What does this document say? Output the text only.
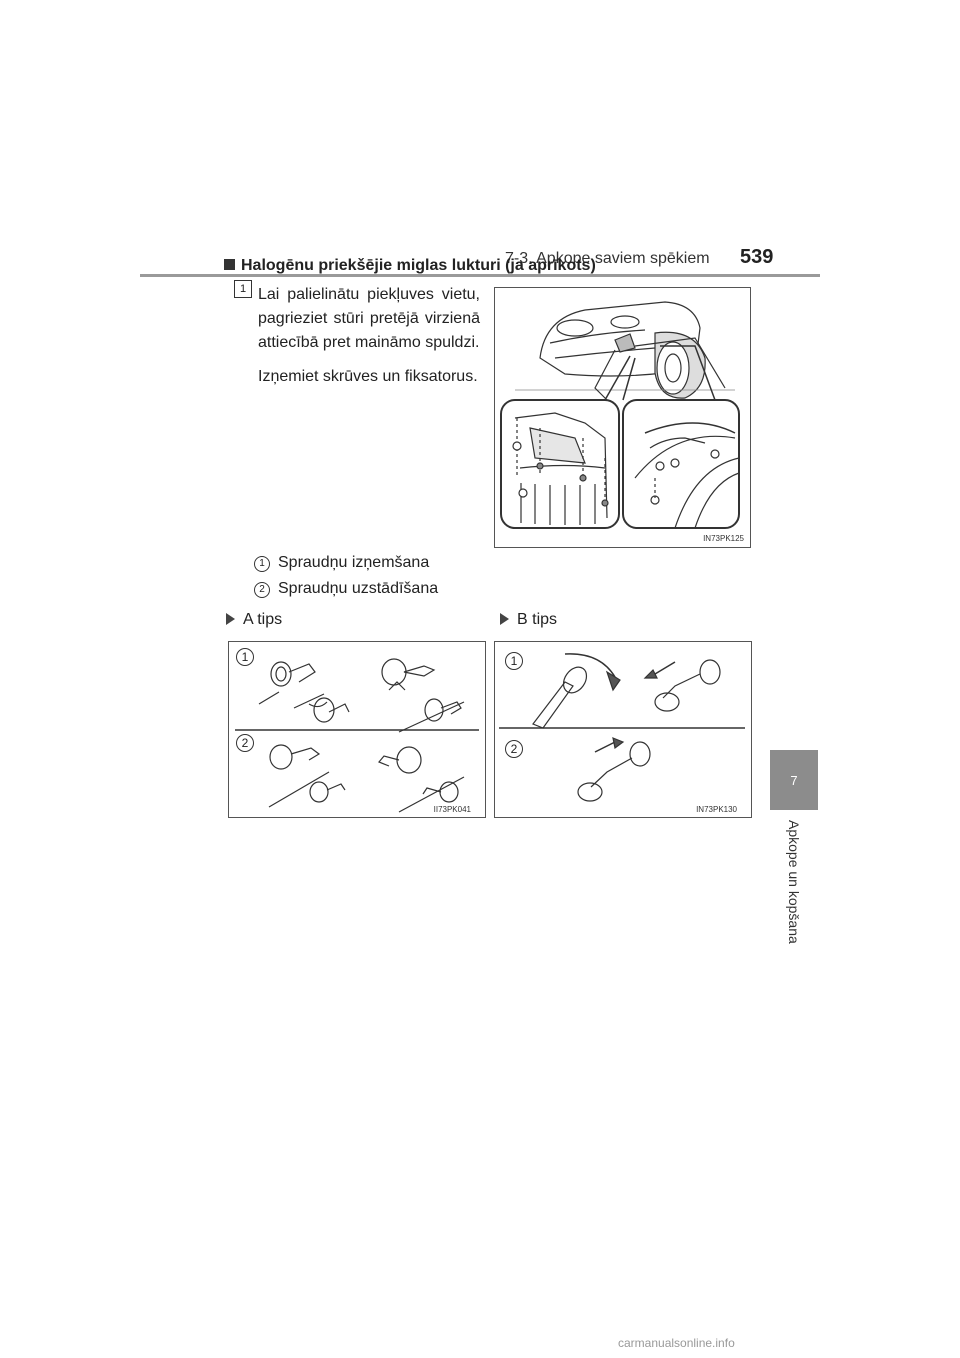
7-3. Apkope saviem spēkiem 539
7
Apkope un kopšana
Halogēnu priekšējie miglas lukturi (ja aprīkots)
1 Lai palielinātu piekļuves vietu, pagrieziet stūri pretējā virzienā attiecībā pret maināmo spuldzi.

Izņemiet skrūves un fiksatorus.

IN73PK125
1 Spraudņu izņemšana
2 Spraudņu uzstādīšana
A tips	B tips
1
2
II73PK041
1
2
IN73PK130
carmanualsonline.info
